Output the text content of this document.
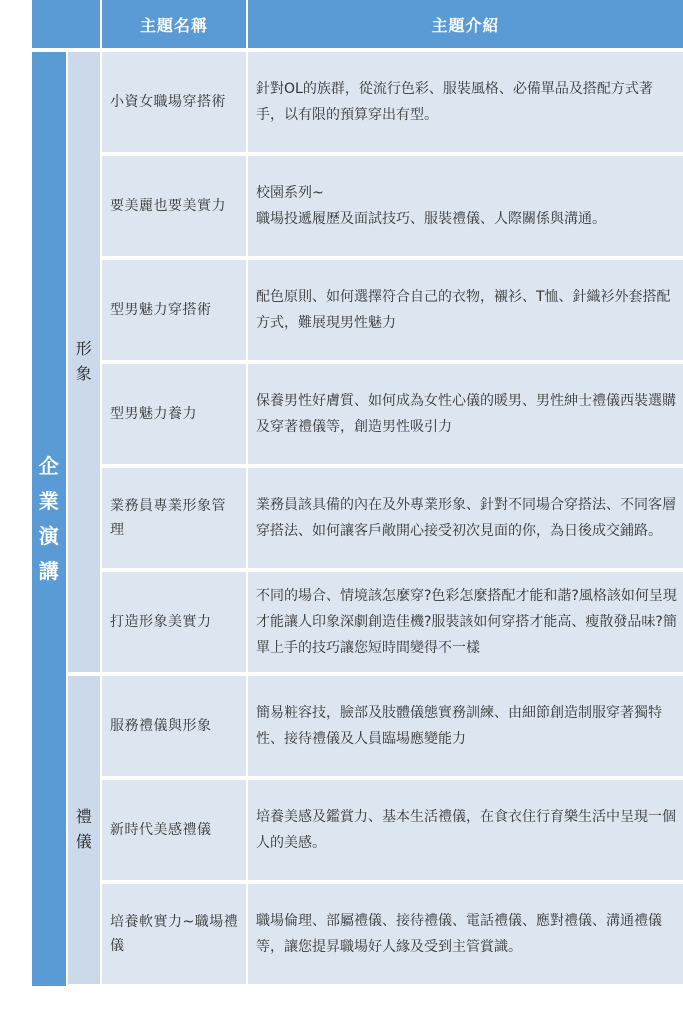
		主題名稱	主題介紹
企業演講	形象	小資女職場穿搭術	針對OL的族群，從流行色彩、服裝風格、必備單品及搭配方式著手，以有限的預算穿出有型。

		要美麗也要美實力	校園系列~
職場投遞履歷及面試技巧、服裝禮儀、人際關係與溝通。

		型男魅力穿搭術	配色原則、如何選擇符合自己的衣物，襯衫、T恤、針織衫外套搭配方式，難展現男性魅力

		型男魅力養力	保養男性好膚質、如何成為女性心儀的暖男、男性紳士禮儀西裝選購及穿著禮儀等，創造男性吸引力

		業務員專業形象管理	業務員該具備的內在及外專業形象、針對不同場合穿搭法、不同客層穿搭法、如何讓客戶敞開心接受初次見面的你，為日後成交鋪路。

		打造形象美實力	不同的場合、情境該怎麼穿?色彩怎麼搭配才能和諧?風格該如何呈現才能讓人印象深劇創造佳機?服裝該如何穿搭才能高、瘦散發品味?簡單上手的技巧讓您短時間變得不一樣

	禮儀	服務禮儀與形象	簡易粧容技，臉部及肢體儀態實務訓練、由細節創造制服穿著獨特性、接待禮儀及人員臨場應變能力

		新時代美感禮儀	培養美感及鑑賞力、基本生活禮儀，在食衣住行育樂生活中呈現一個人的美感。

		培養軟實力~職場禮儀	職場倫理、部屬禮儀、接待禮儀、電話禮儀、應對禮儀、溝通禮儀等，讓您提昇職場好人緣及受到主管賞識。
